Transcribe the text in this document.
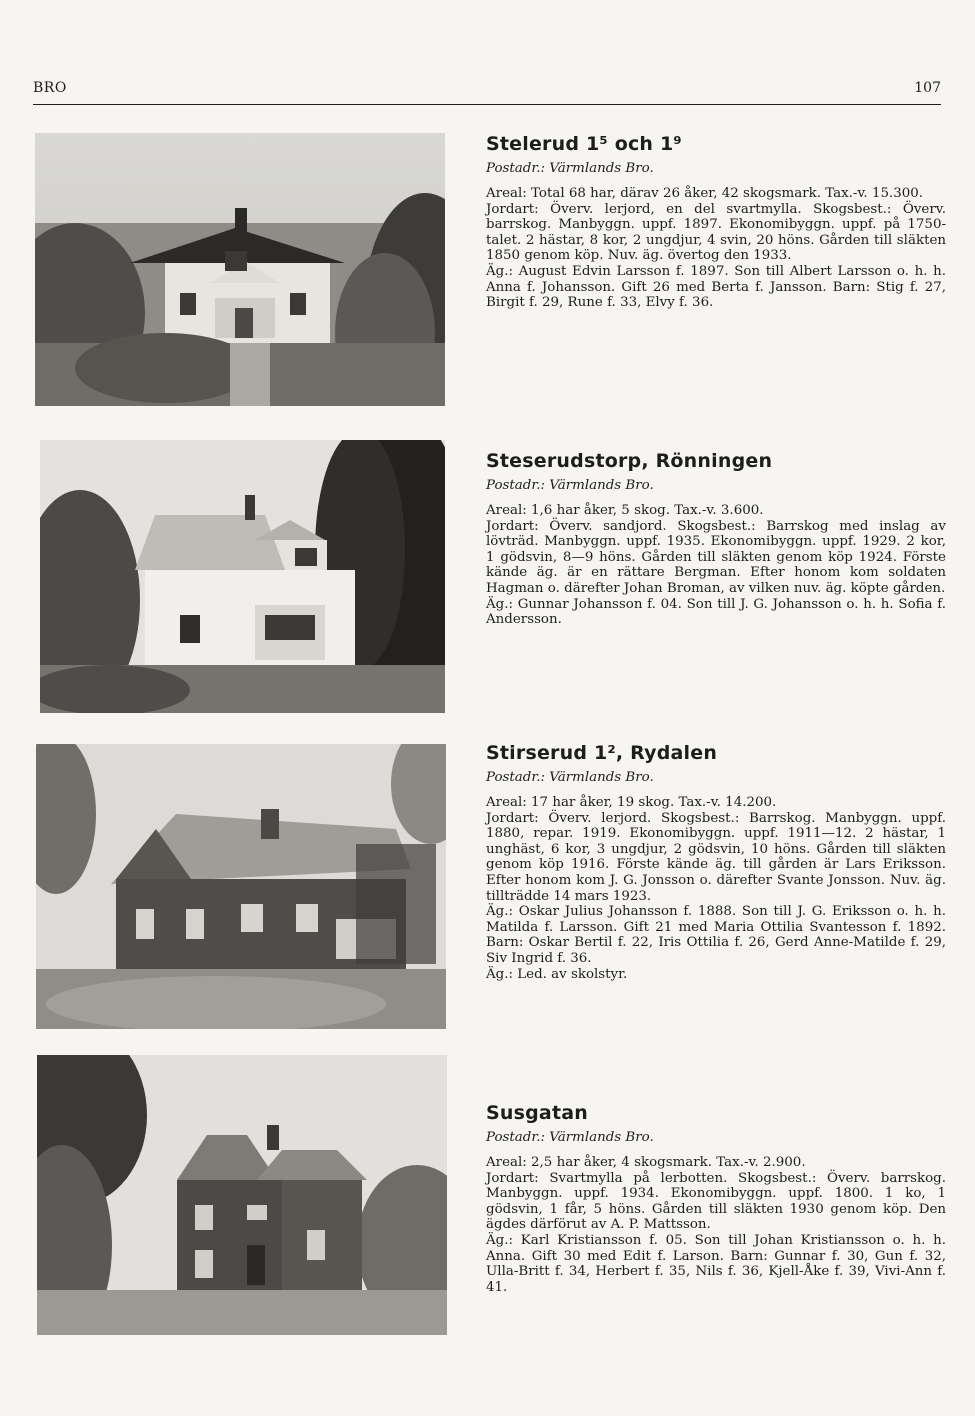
BRO	107
Stelerud 1⁵ och 1⁹
Postadr.: Värmlands Bro.

Areal: Total 68 har, därav 26 åker, 42 skogsmark. Tax.-v. 15.300.

Jordart: Överv. lerjord, en del svartmylla. Skogsbest.: Överv. barrskog. Manbyggn. uppf. 1897. Ekonomibyggn. uppf. på 1750-talet. 2 hästar, 8 kor, 2 ungdjur, 4 svin, 20 höns. Gården till släkten 1850 genom köp. Nuv. äg. övertog den 1933.

Äg.: August Edvin Larsson f. 1897. Son till Albert Larsson o. h. h. Anna f. Johansson. Gift 26 med Berta f. Jansson. Barn: Stig f. 27, Birgit f. 29, Rune f. 33, Elvy f. 36.

Steserudstorp, Rönningen
Postadr.: Värmlands Bro.

Areal: 1,6 har åker, 5 skog. Tax.-v. 3.600.

Jordart: Överv. sandjord. Skogsbest.: Barrskog med inslag av lövträd. Manbyggn. uppf. 1935. Ekonomibyggn. uppf. 1929. 2 kor, 1 gödsvin, 8—9 höns. Gården till släkten genom köp 1924. Förste kände äg. är en rättare Bergman. Efter honom kom soldaten Hagman o. därefter Johan Broman, av vilken nuv. äg. köpte gården.

Äg.: Gunnar Johansson f. 04. Son till J. G. Johansson o. h. h. Sofia f. Andersson.

Stirserud 1², Rydalen
Postadr.: Värmlands Bro.

Areal: 17 har åker, 19 skog. Tax.-v. 14.200.

Jordart: Överv. lerjord. Skogsbest.: Barrskog. Manbyggn. uppf. 1880, repar. 1919. Ekonomibyggn. uppf. 1911—12. 2 hästar, 1 unghäst, 6 kor, 3 ungdjur, 2 gödsvin, 10 höns. Gården till släkten genom köp 1916. Förste kände äg. till gården är Lars Eriksson. Efter honom kom J. G. Jonsson o. därefter Svante Jonsson. Nuv. äg. tillträdde 14 mars 1923.

Äg.: Oskar Julius Johansson f. 1888. Son till J. G. Eriksson o. h. h. Matilda f. Larsson. Gift 21 med Maria Ottilia Svantesson f. 1892. Barn: Oskar Bertil f. 22, Iris Ottilia f. 26, Gerd Anne-Matilde f. 29, Siv Ingrid f. 36.

Äg.: Led. av skolstyr.

Susgatan
Postadr.: Värmlands Bro.

Areal: 2,5 har åker, 4 skogsmark. Tax.-v. 2.900.

Jordart: Svartmylla på lerbotten. Skogsbest.: Överv. barrskog. Manbyggn. uppf. 1934. Ekonomibyggn. uppf. 1800. 1 ko, 1 gödsvin, 1 får, 5 höns. Gården till släkten 1930 genom köp. Den ägdes därförut av A. P. Mattsson.

Äg.: Karl Kristiansson f. 05. Son till Johan Kristiansson o. h. h. Anna. Gift 30 med Edit f. Larson. Barn: Gunnar f. 30, Gun f. 32, Ulla-Britt f. 34, Herbert f. 35, Nils f. 36, Kjell-Åke f. 39, Vivi-Ann f. 41.
